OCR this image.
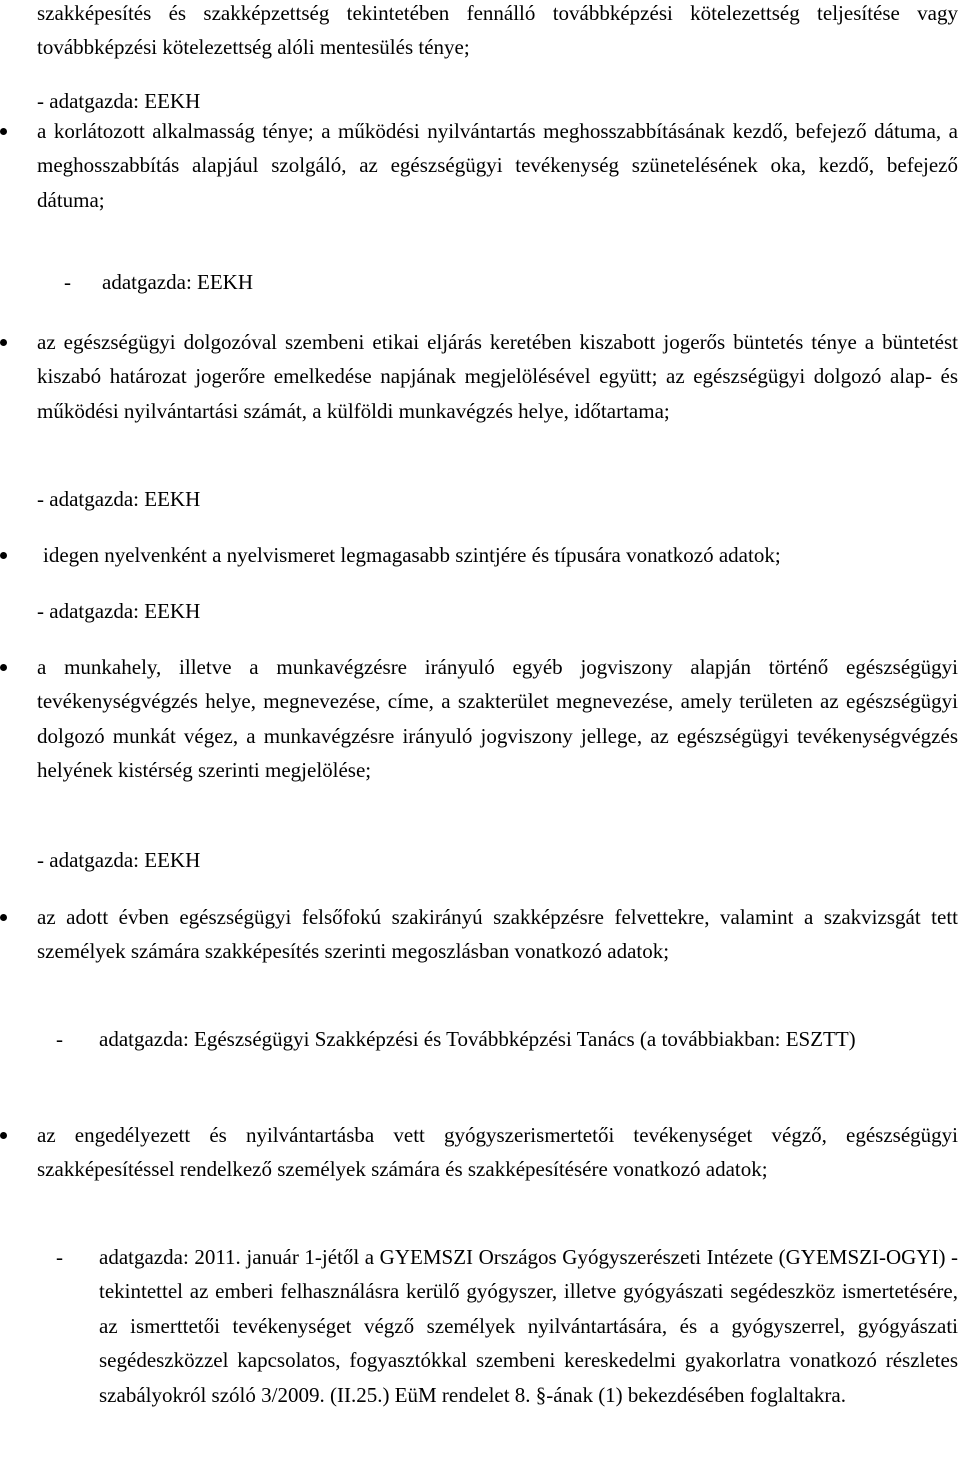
szakképesítés és szakképzettség tekintetében fennálló továbbképzési kötelezettség teljesítése vagy továbbképzési kötelezettség alóli mentesülés ténye;

- adatgazda: EEKH

a korlátozott alkalmasság ténye; a működési nyilvántartás meghosszabbításának kezdő, befejező dátuma, a meghosszabbítás alapjául szolgáló, az egészségügyi tevékenység szünetelésének oka, kezdő, befejező dátuma;

- adatgazda: EEKH

az egészségügyi dolgozóval szembeni etikai eljárás keretében kiszabott jogerős büntetés ténye a büntetést kiszabó határozat jogerőre emelkedése napjának megjelölésével együtt; az egészségügyi dolgozó alap- és működési nyilvántartási számát, a külföldi munkavégzés helye, időtartama;

- adatgazda: EEKH

idegen nyelvenként a nyelvismeret legmagasabb szintjére és típusára vonatkozó adatok;

- adatgazda: EEKH

a munkahely, illetve a munkavégzésre irányuló egyéb jogviszony alapján történő egészségügyi tevékenységvégzés helye, megnevezése, címe, a szakterület megnevezése, amely területen az egészségügyi dolgozó munkát végez, a munkavégzésre irányuló jogviszony jellege, az egészségügyi tevékenységvégzés helyének kistérség szerinti megjelölése;

- adatgazda: EEKH

az adott évben egészségügyi felsőfokú szakirányú szakképzésre felvettekre, valamint a szakvizsgát tett személyek számára szakképesítés szerinti megoszlásban vonatkozó adatok;

- adatgazda: Egészségügyi Szakképzési és Továbbképzési Tanács (a továbbiakban: ESZTT)

az engedélyezett és nyilvántartásba vett gyógyszerismertetői tevékenységet végző, egészségügyi szakképesítéssel rendelkező személyek számára és szakképesítésére vonatkozó adatok;

- adatgazda: 2011. január 1-jétől a GYEMSZI Országos Gyógyszerészeti Intézete (GYEMSZI-OGYI) - tekintettel az emberi felhasználásra kerülő gyógyszer, illetve gyógyászati segédeszköz ismertetésére, az ismerttetői tevékenységet végző személyek nyilvántartására, és a gyógyszerrel, gyógyászati segédeszközzel kapcsolatos, fogyasztókkal szembeni kereskedelmi gyakorlatra vonatkozó részletes szabályokról szóló 3/2009. (II.25.) EüM rendelet 8. §-ának (1) bekezdésében foglaltakra.
